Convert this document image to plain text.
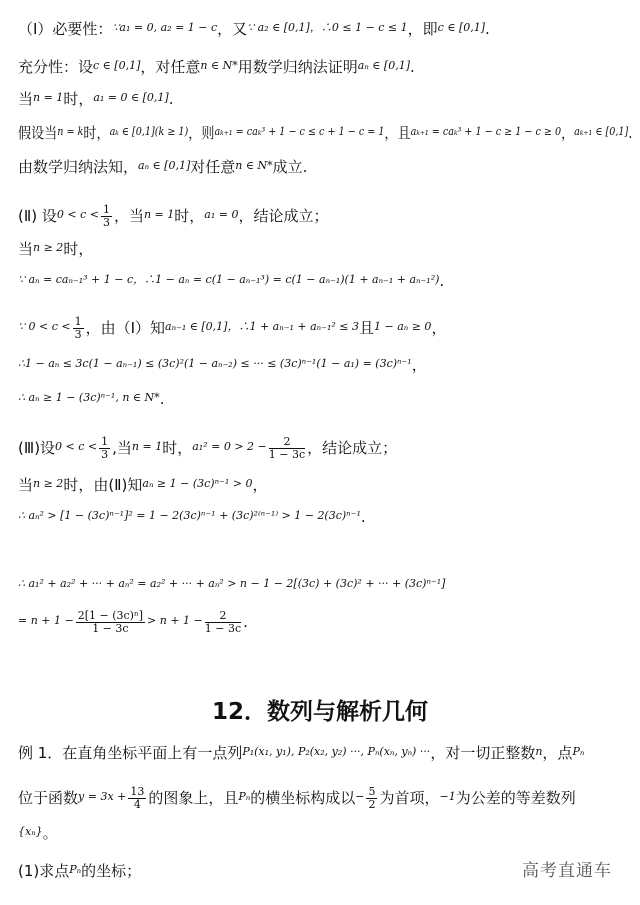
（Ⅰ）必要性：$^{\because a_1 = 0, a_2 = 1 - c}$，又$^{\because a_2 \in [0,1],\therefore 0 \le 1 - c \le 1}$，即$^{c \in [0,1]}$.
充分性：设$^{c \in [0,1]}$，对任意$^{n \in N*}$用数学归纳法证明$^{a_n \in [0,1]}$.
当$^{n = 1}$时，$^{a_1 = 0 \in [0,1]}$.
假设当$^{n = k}$时，$^{a_k \in [0,1](k \ge 1)}$，则$^{a_{k+1} = ca_k^3 + 1 - c \le c + 1 - c = 1}$，且$^{a_{k+1} = ca_k^3 + 1 - c \ge 1 - c \ge 0}$，$^{a_{k+1} \in [0,1]}$.
由数学归纳法知，$^{a_n \in [0,1]}$对任意$^{n \in N*}$成立.
(Ⅱ) 设$^{0 < c <} \frac{1}{3}$ ，当$^{n = 1}$时，$^{a_1 = 0}$，结论成立；
当$^{n \ge 2}$时，
$^{\because a_n = ca_{n-1}^3 + 1 - c,\therefore 1 - a_n = c(1 - a_{n-1}^3) = c(1 - a_{n-1})(1 + a_{n-1} + a_{n-1}^2)}$.
$^{\because 0 < c <} \frac{1}{3}$ ，由（Ⅰ）知$^{a_{n-1} \in [0,1],\therefore 1 + a_{n-1} + a_{n-1}^2 \le 3}$且$^{1 - a_n \ge 0}$，
$^{\therefore 1 - a_n \le 3c(1 - a_{n-1}) \le (3c)^2(1 - a_{n-2}) \le \cdot\cdot\cdot \le (3c)^{n-1}(1 - a_1) = (3c)^{n-1}}$，
$^{\therefore a_n \ge 1 - (3c)^{n-1}, n \in N*}$.
(Ⅲ)设$^{0 < c <} \frac{1}{3}$ ,当$^{n = 1}$时，$^{a_1^2 = 0 > 2 -} \frac{2}{1 - 3c}$ ，结论成立；
当$^{n \ge 2}$时，由(Ⅱ)知$^{a_n \ge 1 - (3c)^{n-1} > 0}$，
$^{\therefore a_n^2 > [1 - (3c)^{n-1}]^2 = 1 - 2(3c)^{n-1} + (3c)^{2(n-1)} > 1 - 2(3c)^{n-1}}$.
$^{\therefore a_1^2 + a_2^2 + \cdot\cdot\cdot + a_n^2 = a_2^2 + \cdot\cdot\cdot + a_n^2 > n - 1 - 2[(3c) + (3c)^2 + \cdot\cdot\cdot + (3c)^{n-1}]}$
$^{= n + 1 -} \frac{\text{2[1 − (3c)ⁿ]}}{1 - 3c} ^{> n + 1 -} \frac{2}{1 - 3c}$ .
12．数列与解析几何
例 1．在直角坐标平面上有一点列$^{P_1(x_1, y_1), P_2(x_2, y_2) \cdot\cdot\cdot, P_n(x_n, y_n) \cdot\cdot\cdot}$，对一切正整数$^n$，点$^{P_n}$
位于函数$^{y = 3x +} \frac{13}{4}$ 的图象上，且$^{P_n}$的横坐标构成以$^- \frac{5}{2}$ 为首项，$^{-1}$为公差的等差数列
$^{\{x_n\}}$。
(1)求点$^{P_n}$的坐标；	高考直通车
